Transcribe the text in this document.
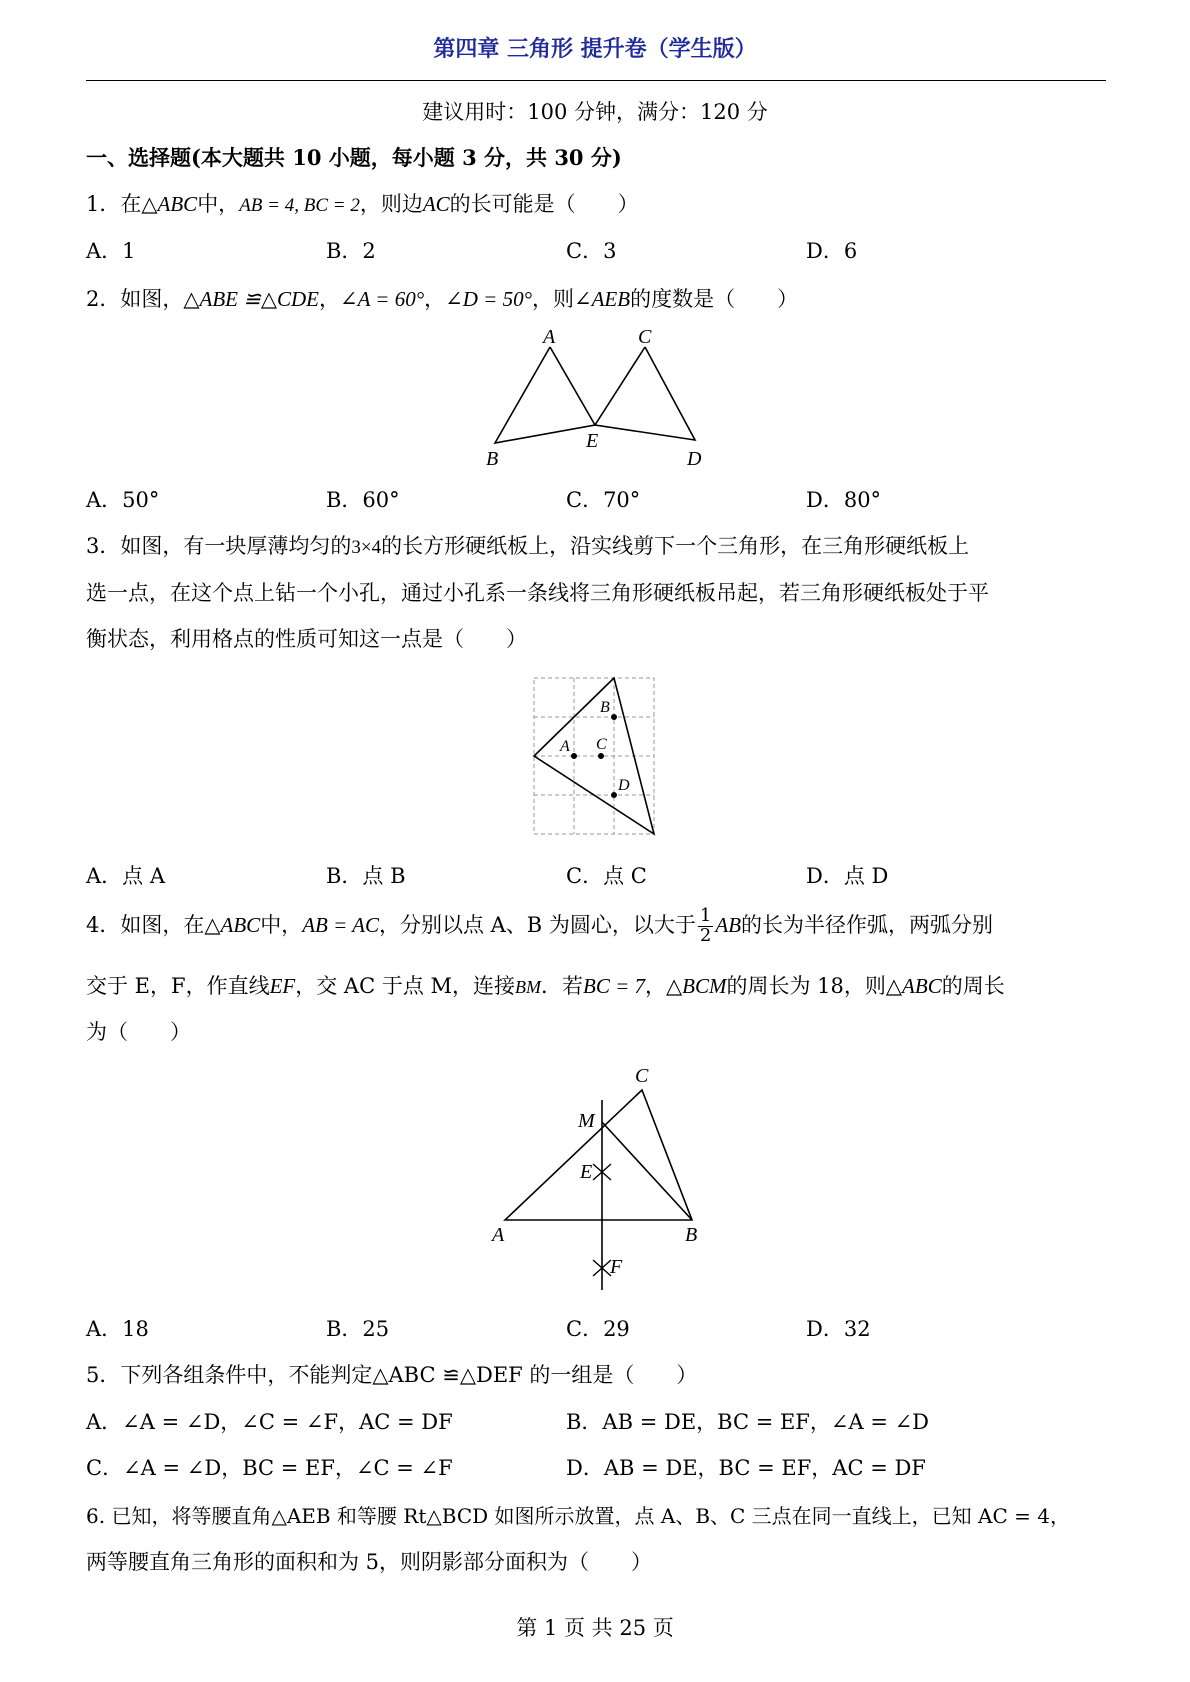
第四章 三角形 提升卷（学生版）
建议用时：100 分钟，满分：120 分
一、选择题(本大题共 10 小题，每小题 3 分，共 30 分)
1．在△ABC中，AB = 4, BC = 2，则边AC的长可能是（　　）
A．1	B．2	C．3	D．6
2．如图，△ABE ≌△CDE，∠A = 60°，∠D = 50°，则∠AEB的度数是（　　）
A	C
E
B	D
A．50°	B．60°	C．70°	D．80°
3．如图，有一块厚薄均匀的3×4的长方形硬纸板上，沿实线剪下一个三角形，在三角形硬纸板上
选一点，在这个点上钻一个小孔，通过小孔系一条线将三角形硬纸板吊起，若三角形硬纸板处于平
衡状态，利用格点的性质可知这一点是（　　）
A C
B
D
A．点 A	B．点 B	C．点 C	D．点 D
4．如图，在△ABC中，AB = AC，分别以点 A、B 为圆心，以大于 $\frac{1}{2}$ AB的长为半径作弧，两弧分别
交于 E，F，作直线EF，交 AC 于点 M，连接BM．若BC = 7，△BCM的周长为 18，则△ABC的周长
为（　　）
C
M
E
A	B
F
A．18	B．25	C．29	D．32
5．下列各组条件中，不能判定△ABC ≌△DEF 的一组是（　　）
A．∠A = ∠D，∠C = ∠F，AC = DF	B．AB = DE，BC = EF，∠A = ∠D
C．∠A = ∠D，BC = EF，∠C = ∠F	D．AB = DE，BC = EF，AC = DF
6. 已知，将等腰直角△AEB 和等腰 Rt△BCD 如图所示放置，点 A、B、C 三点在同一直线上，已知 AC = 4，
两等腰直角三角形的面积和为 5，则阴影部分面积为（　　）
第 1 页 共 25 页
